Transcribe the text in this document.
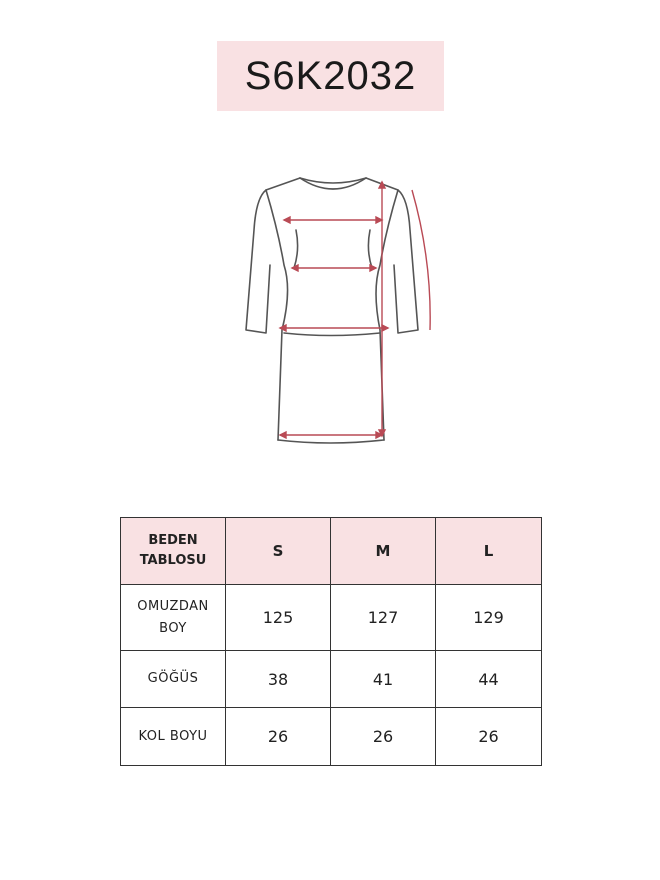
S6K2032
BEDEN
TABLOSU	S	M	L

OMUZDAN
BOY	125	127	129

GÖĞÜS	38	41	44

KOL BOYU	26	26	26
